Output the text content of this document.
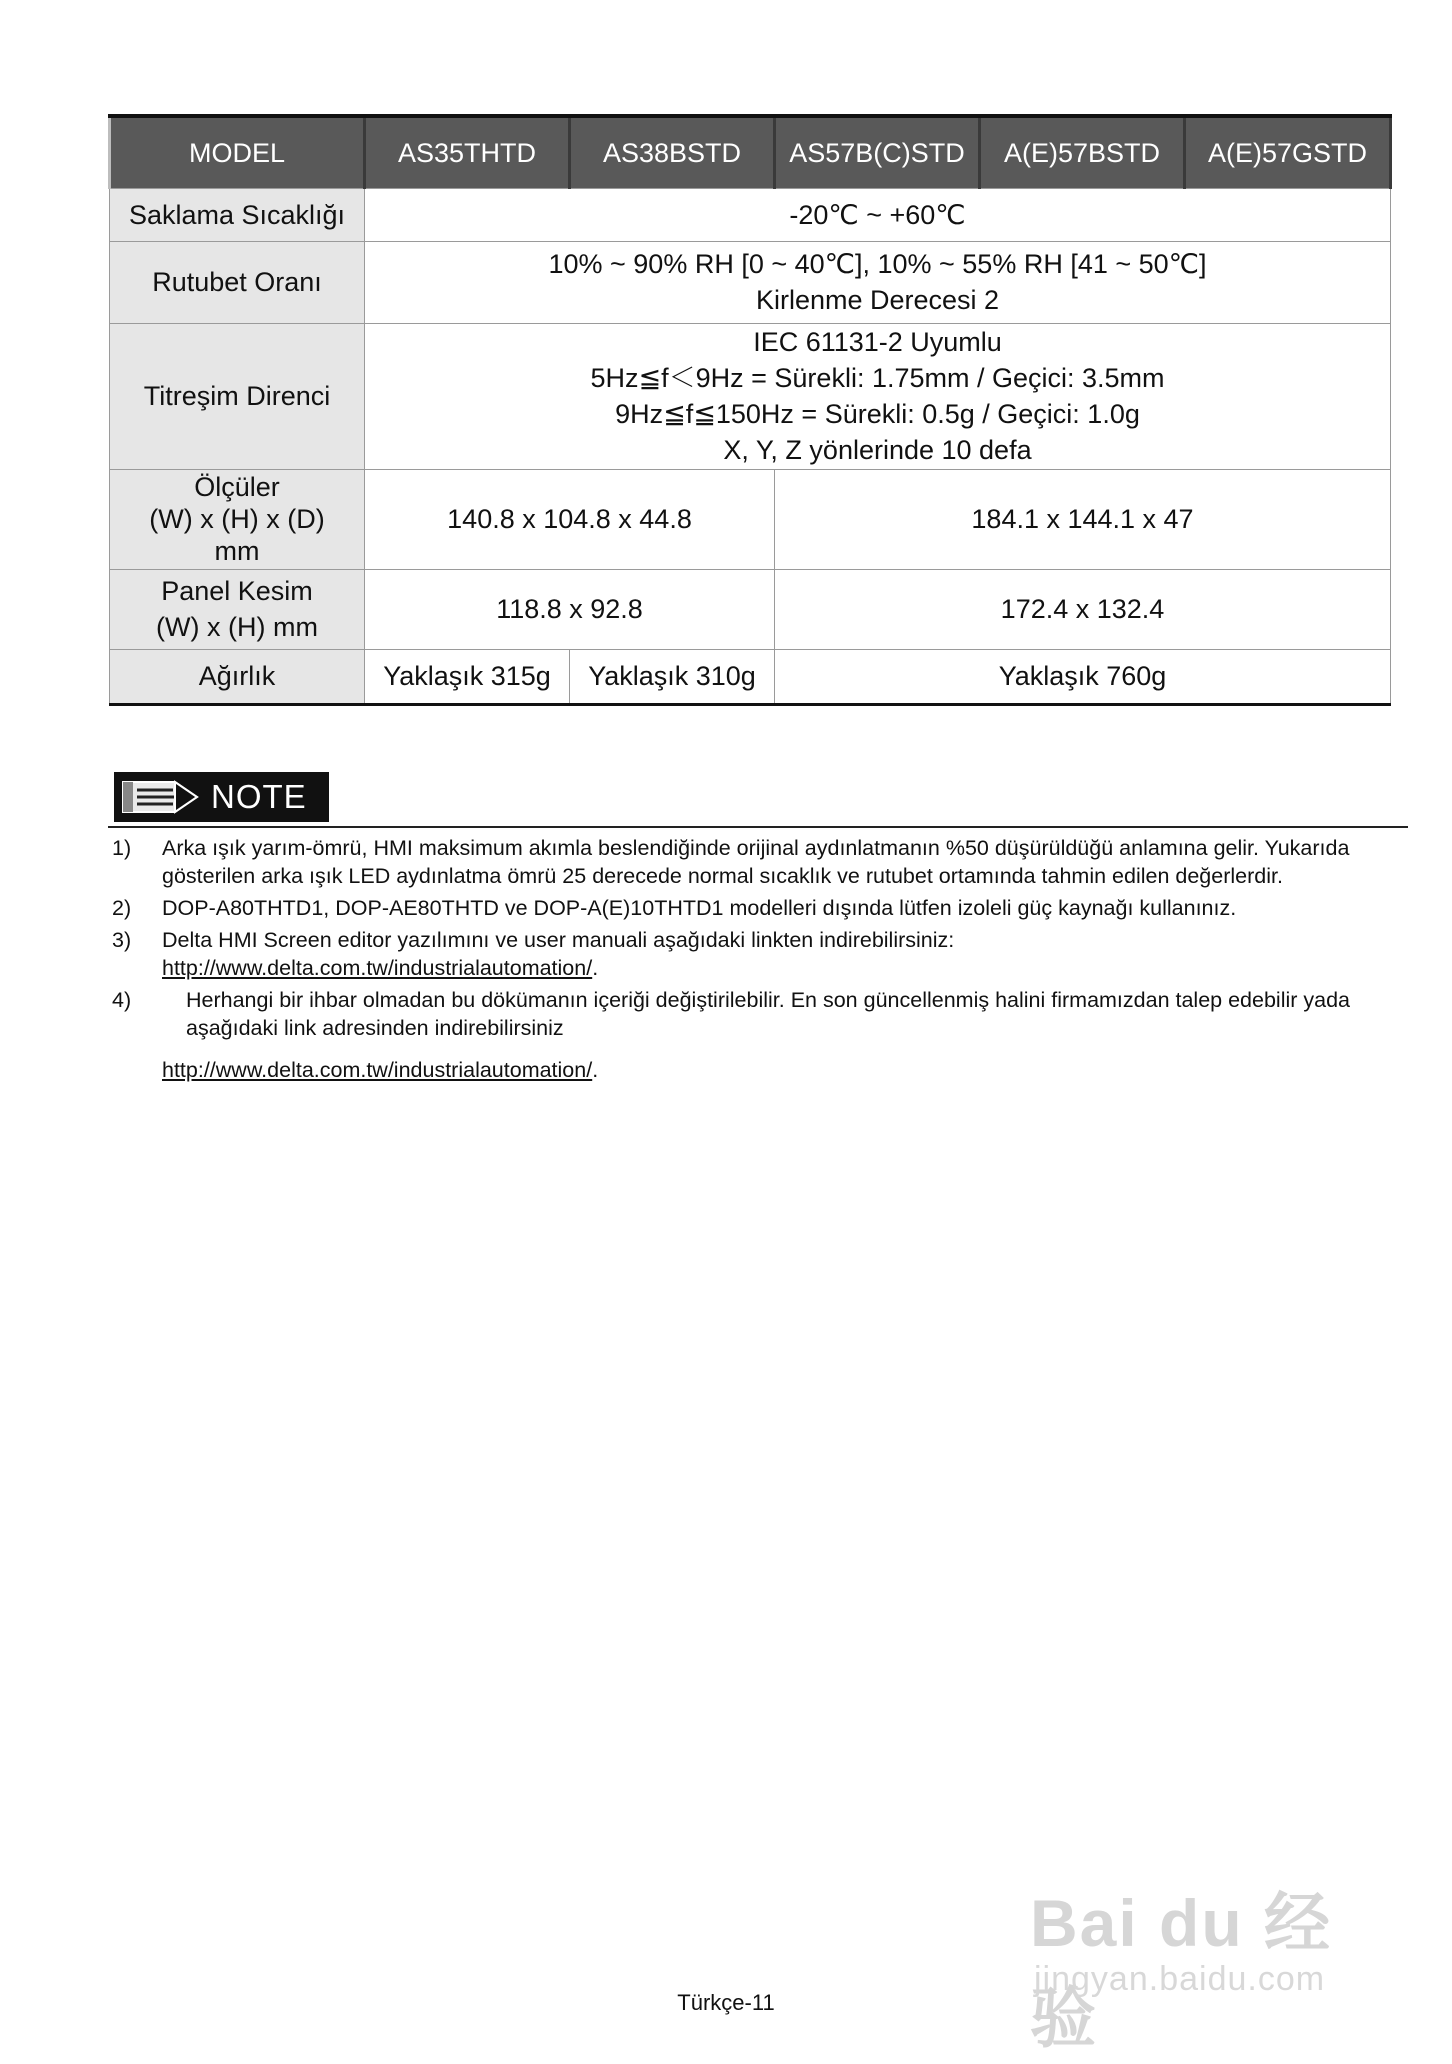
MODEL	AS35THTD	AS38BSTD	AS57B(C)STD	A(E)57BSTD	A(E)57GSTD
Saklama Sıcaklığı	-20℃ ~ +60℃				
Rutubet Oranı	10% ~ 90% RH [0 ~ 40℃], 10% ~ 55% RH [41 ~ 50℃]
Kirlenme Derecesi 2				

Titreşim Direnci	IEC 61131-2 Uyumlu
5Hz≦f＜9Hz = Sürekli: 1.75mm / Geçici: 3.5mm
9Hz≦f≦150Hz = Sürekli: 0.5g / Geçici: 1.0g
X, Y, Z yönlerinde 10 defa				

Ölçüler
(W) x (H) x (D)
mm	140.8 x 104.8 x 44.8		184.1 x 144.1 x 47		

Panel Kesim
(W) x (H) mm	118.8 x 92.8		172.4 x 132.4		
Ağırlık	Yaklaşık 315g	Yaklaşık 310g	Yaklaşık 760g		
NOTE
1) Arka ışık yarım-ömrü, HMI maksimum akımla beslendiğinde orijinal aydınlatmanın %50 düşürüldüğü anlamına gelir. Yukarıda gösterilen arka ışık LED aydınlatma ömrü 25 derecede normal sıcaklık ve rutubet ortamında tahmin edilen değerlerdir.
2) DOP-A80THTD1, DOP-AE80THTD ve DOP-A(E)10THTD1 modelleri dışında lütfen izoleli güç kaynağı kullanınız.
3) Delta HMI Screen editor yazılımını ve user manuali aşağıdaki linkten indirebilirsiniz:
http://www.delta.com.tw/industrialautomation/.
4)	Herhangi bir ihbar olmadan bu dökümanın içeriği değiştirilebilir. En son güncellenmiş halini firmamızdan talep edebilir yada aşağıdaki link adresinden indirebilirsiniz
http://www.delta.com.tw/industrialautomation/.
Bai du 经验
jingyan.baidu.com
Türkçe-11
